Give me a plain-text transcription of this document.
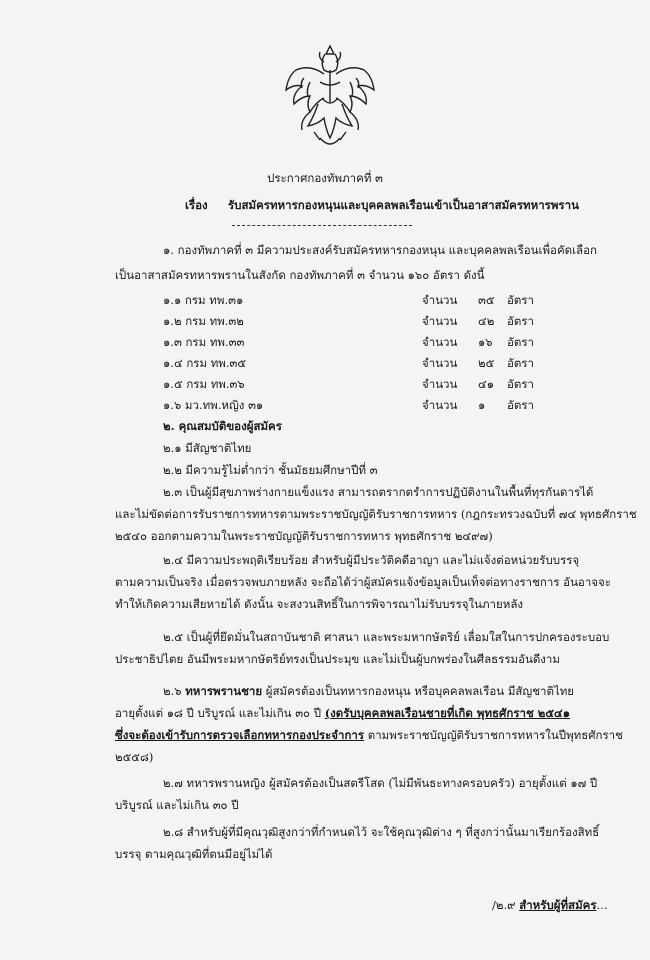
ประกาศกองทัพภาคที่ ๓
เรื่อง รับสมัครทหารกองหนุนและบุคคลพลเรือนเข้าเป็นอาสาสมัครทหารพราน
๑. กองทัพภาคที่ ๓ มีความประสงค์รับสมัครทหารกองหนุน และบุคคลพลเรือนเพื่อคัดเลือก
เป็นอาสาสมัครทหารพรานในสังกัด กองทัพภาคที่ ๓ จำนวน ๑๖๐ อัตรา ดังนี้
๑.๑ กรม ทพ.๓๑	จำนวน ๓๕ อัตรา
๑.๒ กรม ทพ.๓๒	จำนวน ๔๒ อัตรา
๑.๓ กรม ทพ.๓๓	จำนวน ๑๖ อัตรา
๑.๔ กรม ทพ.๓๕	จำนวน ๒๕ อัตรา
๑.๕ กรม ทพ.๓๖	จำนวน ๔๑ อัตรา
๑.๖ มว.ทพ.หญิง ๓๑	จำนวน ๑ อัตรา
๒. คุณสมบัติของผู้สมัคร
๒.๑ มีสัญชาติไทย
๒.๒ มีความรู้ไม่ต่ำกว่า ชั้นมัธยมศึกษาปีที่ ๓
๒.๓ เป็นผู้มีสุขภาพร่างกายแข็งแรง สามารถตรากตรำการปฏิบัติงานในพื้นที่ทุรกันดารได้
และไม่ขัดต่อการรับราชการทหารตามพระราชบัญญัติรับราชการทหาร (กฎกระทรวงฉบับที่ ๗๔ พุทธศักราช
๒๕๔๐ ออกตามความในพระราชบัญญัติรับราชการทหาร พุทธศักราช ๒๔๙๗)
๒.๔ มีความประพฤติเรียบร้อย สำหรับผู้มีประวัติคดีอาญา และไม่แจ้งต่อหน่วยรับบรรจุ
ตามความเป็นจริง เมื่อตรวจพบภายหลัง จะถือได้ว่าผู้สมัครแจ้งข้อมูลเป็นเท็จต่อทางราชการ อันอาจจะ
ทำให้เกิดความเสียหายได้ ดังนั้น จะสงวนสิทธิ์ในการพิจารณาไม่รับบรรจุในภายหลัง
๒.๕ เป็นผู้ที่ยึดมั่นในสถาบันชาติ ศาสนา และพระมหากษัตริย์ เลื่อมใสในการปกครองระบอบ
ประชาธิปไตย อันมีพระมหากษัตริย์ทรงเป็นประมุข และไม่เป็นผู้บกพร่องในศีลธรรมอันดีงาม
๒.๖ ทหารพรานชาย ผู้สมัครต้องเป็นทหารกองหนุน หรือบุคคลพลเรือน มีสัญชาติไทย
อายุตั้งแต่ ๑๘ ปี บริบูรณ์ และไม่เกิน ๓๐ ปี (งดรับบุคคลพลเรือนชายที่เกิด พุทธศักราช ๒๕๔๑
ซึ่งจะต้องเข้ารับการตรวจเลือกทหารกองประจำการ ตามพระราชบัญญัติรับราชการทหารในปีพุทธศักราช
๒๕๕๘)
๒.๗ ทหารพรานหญิง ผู้สมัครต้องเป็นสตรีโสด (ไม่มีพันธะทางครอบครัว) อายุตั้งแต่ ๑๗ ปี
บริบูรณ์ และไม่เกิน ๓๐ ปี
๒.๘ สำหรับผู้ที่มีคุณวุฒิสูงกว่าที่กำหนดไว้ จะใช้คุณวุฒิต่าง ๆ ที่สูงกว่านั้นมาเรียกร้องสิทธิ์
บรรจุ ตามคุณวุฒิที่ตนมีอยู่ไม่ได้
/๒.๙ สำหรับผู้ที่สมัคร...
